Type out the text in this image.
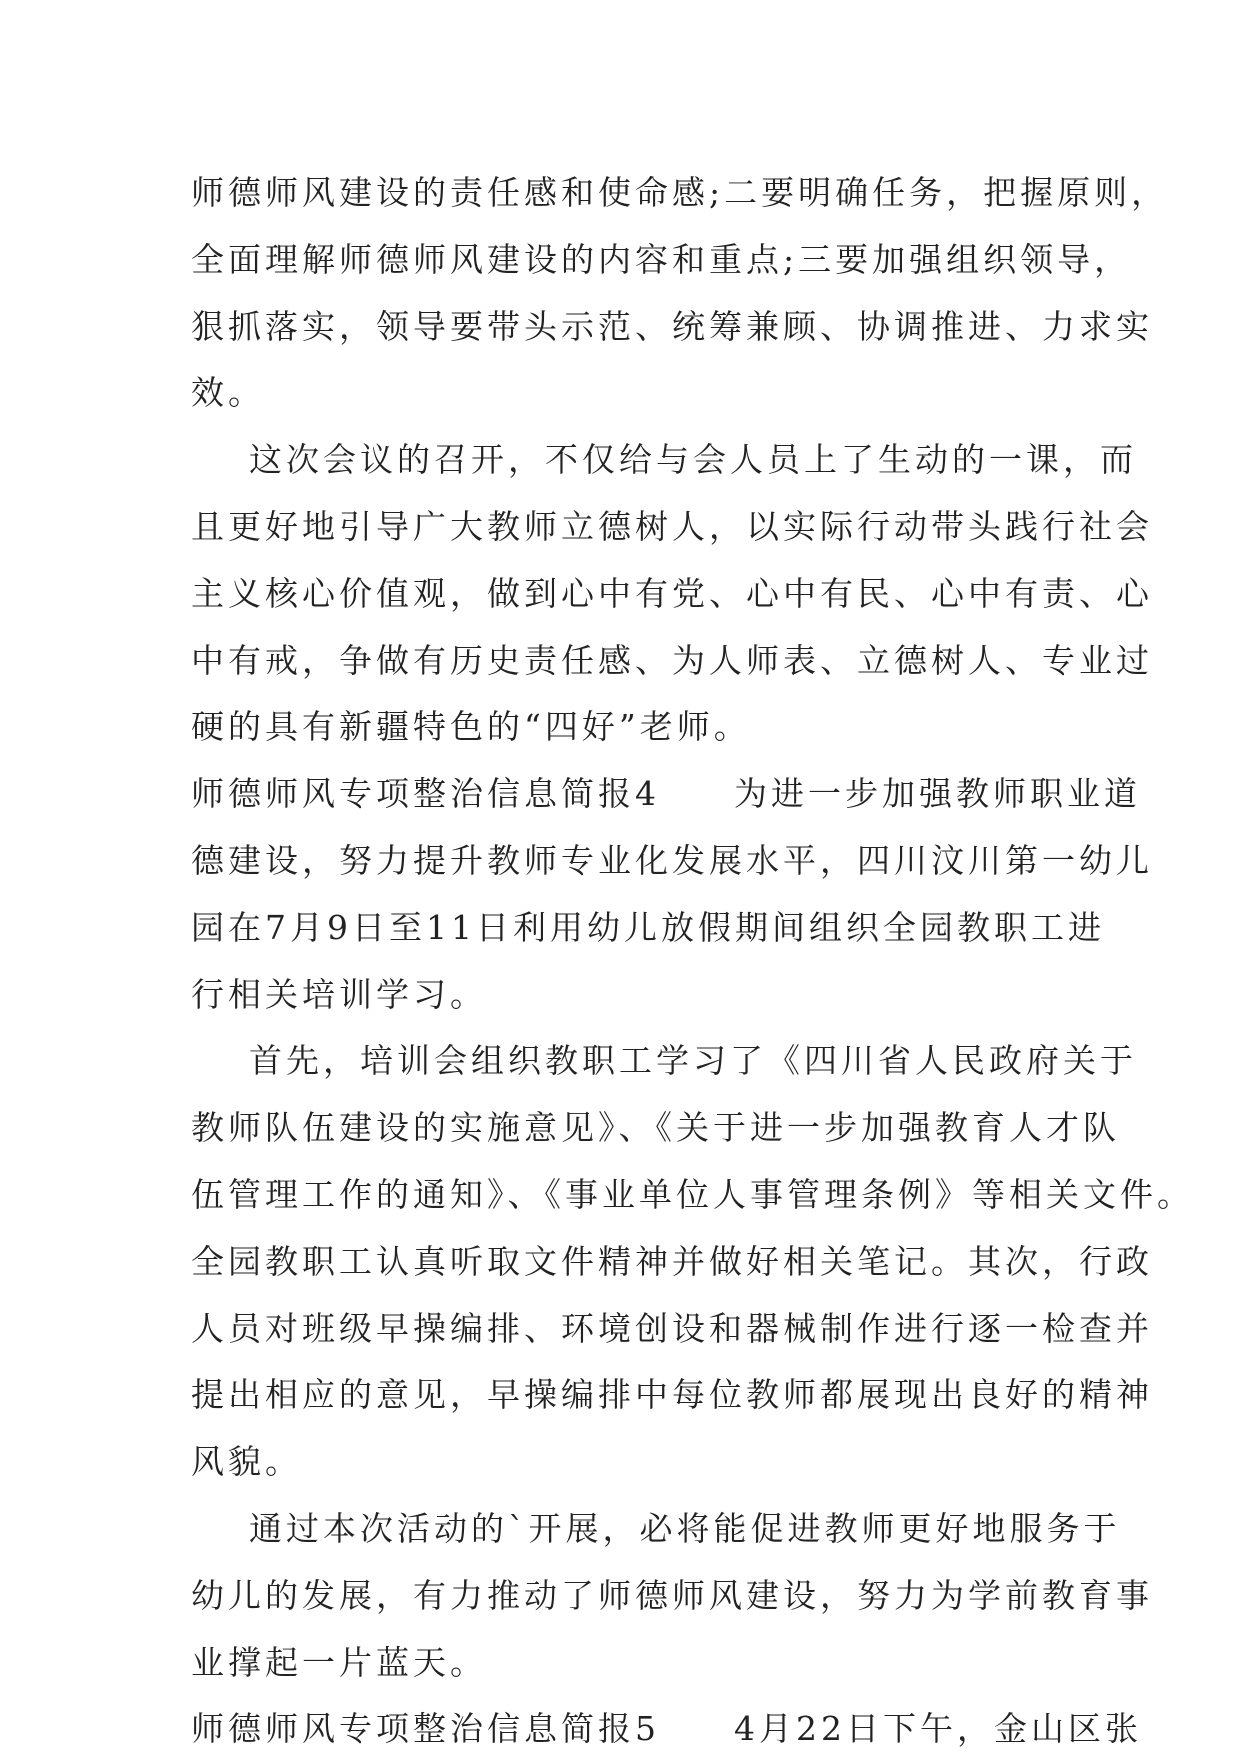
师德师风建设的责任感和使命感;二要明确任务，把握原则，
全面理解师德师风建设的内容和重点;三要加强组织领导，
狠抓落实，领导要带头示范、统筹兼顾、协调推进、力求实
效。
这次会议的召开，不仅给与会人员上了生动的一课，而
且更好地引导广大教师立德树人，以实际行动带头践行社会
主义核心价值观，做到心中有党、心中有民、心中有责、心
中有戒，争做有历史责任感、为人师表、立德树人、专业过
硬的具有新疆特色的“四好”老师。
师德师风专项整治信息简报4　　为进一步加强教师职业道
德建设，努力提升教师专业化发展水平，四川汶川第一幼儿
园在7月9日至11日利用幼儿放假期间组织全园教职工进
行相关培训学习。
首先，培训会组织教职工学习了《四川省人民政府关于
教师队伍建设的实施意见》、《关于进一步加强教育人才队
伍管理工作的通知》、《事业单位人事管理条例》等相关文件。
全园教职工认真听取文件精神并做好相关笔记。其次，行政
人员对班级早操编排、环境创设和器械制作进行逐一检查并
提出相应的意见，早操编排中每位教师都展现出良好的精神
风貌。
通过本次活动的`开展，必将能促进教师更好地服务于
幼儿的发展，有力推动了师德师风建设，努力为学前教育事
业撑起一片蓝天。
师德师风专项整治信息简报5　　4月22日下午，金山区张
